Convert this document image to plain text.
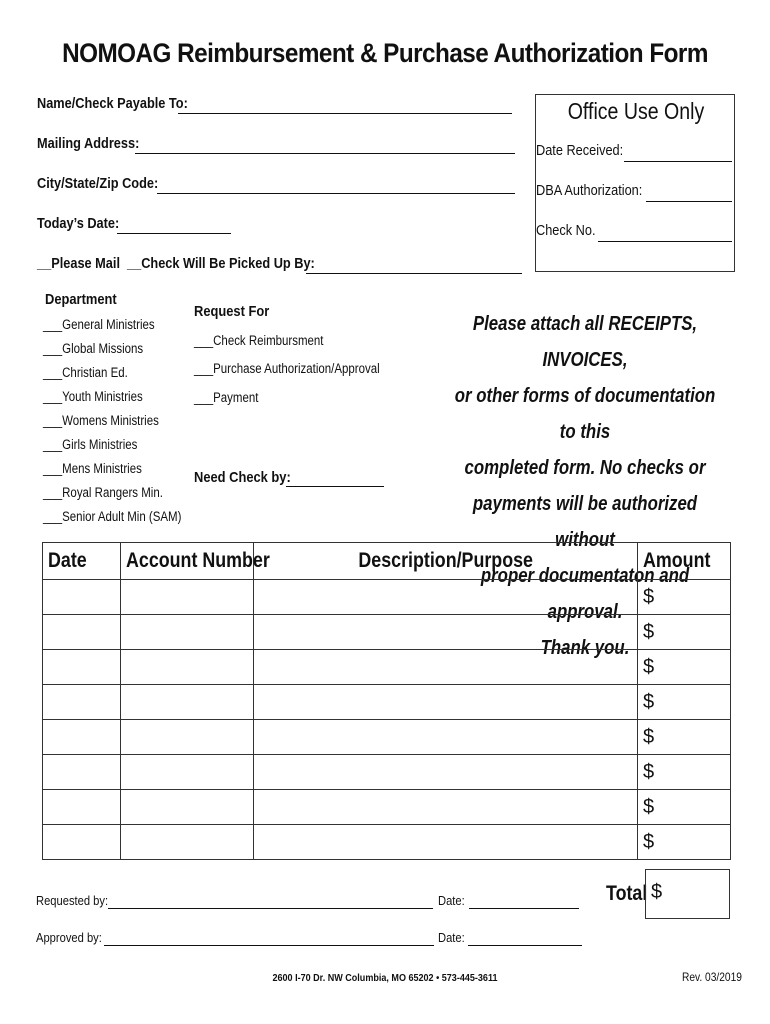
NOMOAG Reimbursement & Purchase Authorization Form
Name/Check Payable To:
Mailing Address:
City/State/Zip Code:
Today’s Date:
__Please Mail __Check Will Be Picked Up By:
Office Use Only
Date Received:
DBA Authorization:
Check No.
Department
___General Ministries
___Global Missions
___Christian Ed.
___Youth Ministries
___Womens Ministries
___Girls Ministries
___Mens Ministries
___Royal Rangers Min.
___Senior Adult Min (SAM)
Request For
___Check Reimbursment
___Purchase Authorization/Approval
___Payment
Need Check by:
Please attach all RECEIPTS, INVOICES,
or other forms of documentation to this
completed form. No checks or
payments will be authorized without
proper documentaton and approval.
Thank you.
Date	Account Number	Description/Purpose	Amount
			$
			$
			$
			$
			$
			$
			$
			$
Total $
Requested by:	Date:
Approved by:	Date:
2600 I-70 Dr. NW Columbia, MO 65202 • 573-445-3611	Rev. 03/2019
